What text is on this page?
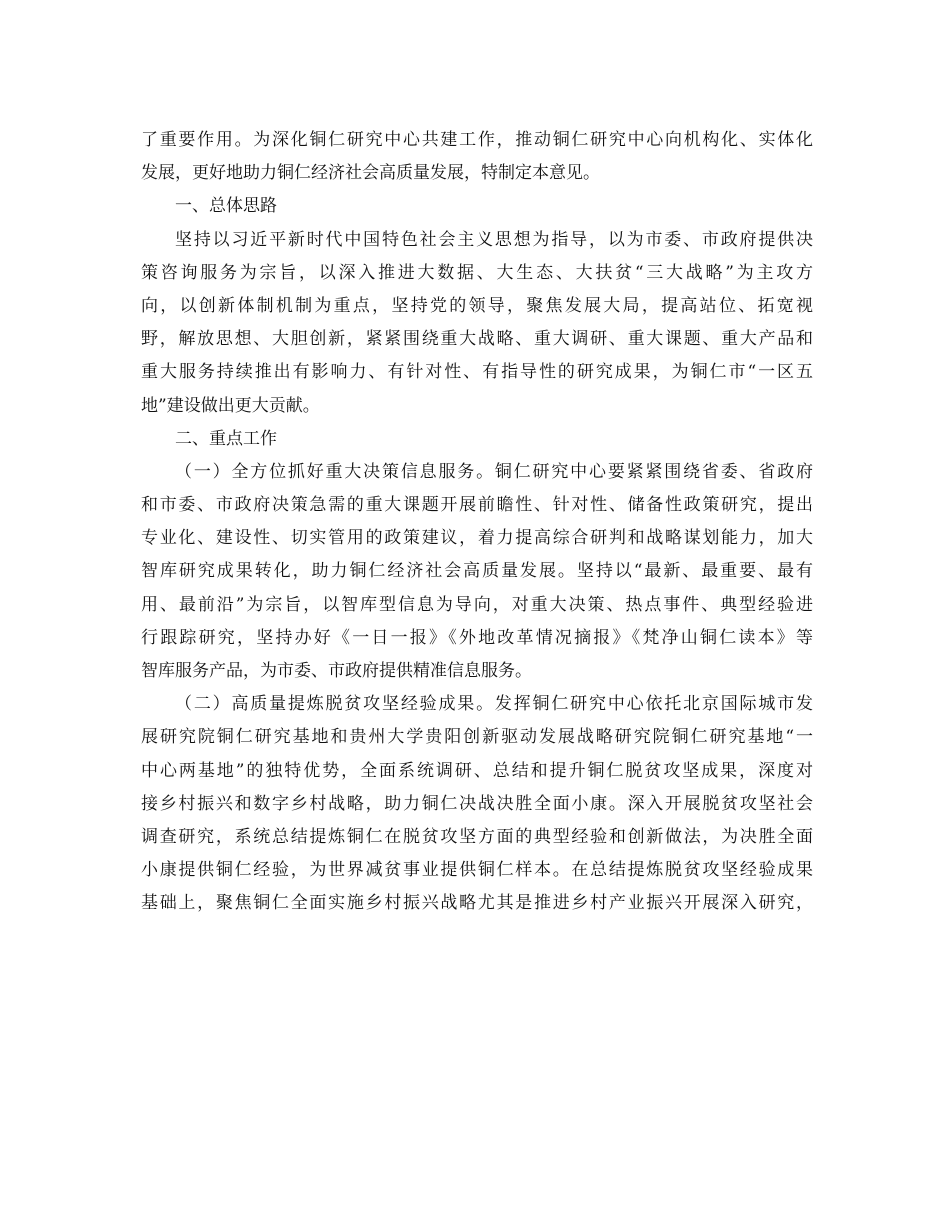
了重要作用。为深化铜仁研究中心共建工作，推动铜仁研究中心向机构化、实体化
发展，更好地助力铜仁经济社会高质量发展，特制定本意见。
一、总体思路
坚持以习近平新时代中国特色社会主义思想为指导，以为市委、市政府提供决
策咨询服务为宗旨，以深入推进大数据、大生态、大扶贫“三大战略”为主攻方
向，以创新体制机制为重点，坚持党的领导，聚焦发展大局，提高站位、拓宽视
野，解放思想、大胆创新，紧紧围绕重大战略、重大调研、重大课题、重大产品和
重大服务持续推出有影响力、有针对性、有指导性的研究成果，为铜仁市“一区五
地”建设做出更大贡献。
二、重点工作
（一）全方位抓好重大决策信息服务。铜仁研究中心要紧紧围绕省委、省政府
和市委、市政府决策急需的重大课题开展前瞻性、针对性、储备性政策研究，提出
专业化、建设性、切实管用的政策建议，着力提高综合研判和战略谋划能力，加大
智库研究成果转化，助力铜仁经济社会高质量发展。坚持以“最新、最重要、最有
用、最前沿”为宗旨，以智库型信息为导向，对重大决策、热点事件、典型经验进
行跟踪研究，坚持办好《一日一报》《外地改革情况摘报》《梵净山铜仁读本》等
智库服务产品，为市委、市政府提供精准信息服务。
（二）高质量提炼脱贫攻坚经验成果。发挥铜仁研究中心依托北京国际城市发
展研究院铜仁研究基地和贵州大学贵阳创新驱动发展战略研究院铜仁研究基地“一
中心两基地”的独特优势，全面系统调研、总结和提升铜仁脱贫攻坚成果，深度对
接乡村振兴和数字乡村战略，助力铜仁决战决胜全面小康。深入开展脱贫攻坚社会
调查研究，系统总结提炼铜仁在脱贫攻坚方面的典型经验和创新做法，为决胜全面
小康提供铜仁经验，为世界减贫事业提供铜仁样本。在总结提炼脱贫攻坚经验成果
基础上，聚焦铜仁全面实施乡村振兴战略尤其是推进乡村产业振兴开展深入研究，
